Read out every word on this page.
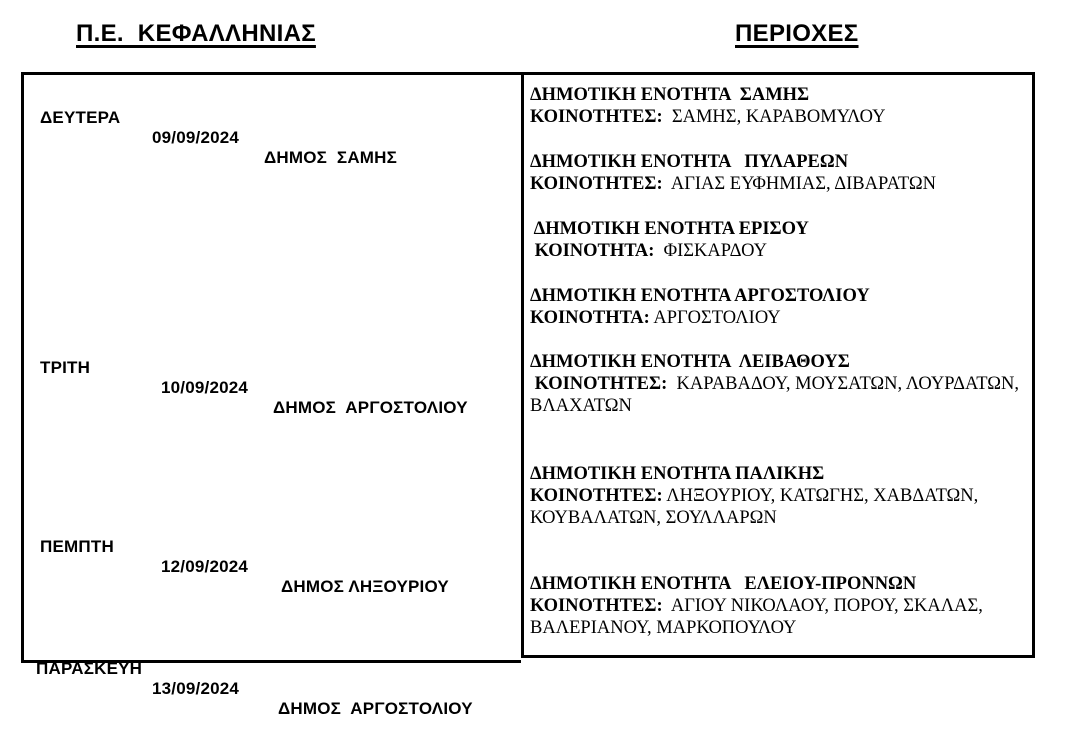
Π.Ε.  ΚΕΦΑΛΛΗΝΙΑΣ	ΠΕΡΙΟΧΕΣ

ΔΕΥΤΕΡΑ

09/09/2024

ΔΗΜΟΣ  ΣΑΜΗΣ

ΤΡΙΤΗ

10/09/2024

ΔΗΜΟΣ  ΑΡΓΟΣΤΟΛΙΟΥ

ΠΕΜΠΤΗ

12/09/2024

ΔΗΜΟΣ ΛΗΞΟΥΡΙΟΥ

ΠΑΡΑΣΚΕΥΗ

13/09/2024

ΔΗΜΟΣ  ΑΡΓΟΣΤΟΛΙΟΥ

ΔΗΜΟΤΙΚΗ ΕΝΟΤΗΤΑ  ΣΑΜΗΣ
ΚΟΙΝΟΤΗΤΕΣ:  ΣΑΜΗΣ, ΚΑΡΑΒΟΜΥΛΟΥ
ΔΗΜΟΤΙΚΗ ΕΝΟΤΗΤΑ   ΠΥΛΑΡΕΩΝ
ΚΟΙΝΟΤΗΤΕΣ:  ΑΓΙΑΣ ΕΥΦΗΜΙΑΣ, ΔΙΒΑΡΑΤΩΝ
ΔΗΜΟΤΙΚΗ ΕΝΟΤΗΤΑ ΕΡΙΣΟΥ
ΚΟΙΝΟΤΗΤΑ:  ΦΙΣΚΑΡΔΟΥ
ΔΗΜΟΤΙΚΗ ΕΝΟΤΗΤΑ ΑΡΓΟΣΤΟΛΙΟΥ
ΚΟΙΝΟΤΗΤΑ: ΑΡΓΟΣΤΟΛΙΟΥ
ΔΗΜΟΤΙΚΗ ΕΝΟΤΗΤΑ  ΛΕΙΒΑΘΟΥΣ
ΚΟΙΝΟΤΗΤΕΣ:  ΚΑΡΑΒΑΔΟΥ, ΜΟΥΣΑΤΩΝ, ΛΟΥΡΔΑΤΩΝ, ΒΛΑΧΑΤΩΝ
ΔΗΜΟΤΙΚΗ ΕΝΟΤΗΤΑ ΠΑΛΙΚΗΣ
ΚΟΙΝΟΤΗΤΕΣ: ΛΗΞΟΥΡΙΟΥ, ΚΑΤΩΓΗΣ, ΧΑΒΔΑΤΩΝ, ΚΟΥΒΑΛΑΤΩΝ, ΣΟΥΛΛΑΡΩΝ
ΔΗΜΟΤΙΚΗ ΕΝΟΤΗΤΑ   ΕΛΕΙΟΥ-ΠΡΟΝΝΩΝ
ΚΟΙΝΟΤΗΤΕΣ:  ΑΓΙΟΥ ΝΙΚΟΛΑΟΥ, ΠΟΡΟΥ, ΣΚΑΛΑΣ, ΒΑΛΕΡΙΑΝΟΥ, ΜΑΡΚΟΠΟΥΛΟΥ
